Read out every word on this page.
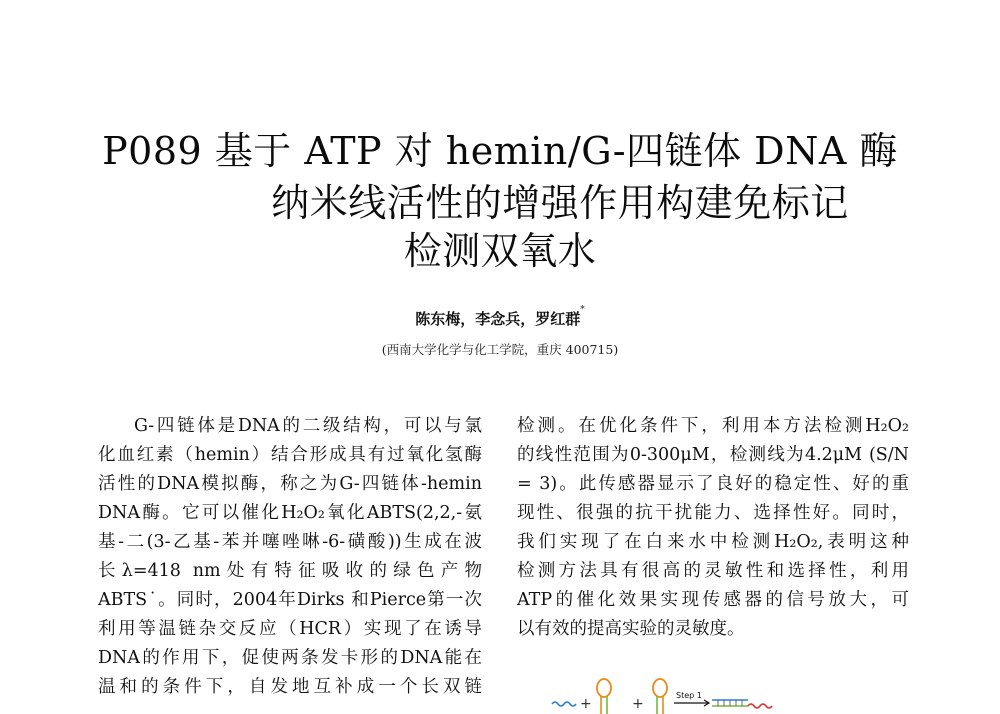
P089 基于 ATP 对 hemin/G-四链体 DNA 酶
纳米线活性的增强作用构建免标记
检测双氧水
陈东梅，李念兵，罗红群*
(西南大学化学与化工学院，重庆 400715)
G-四链体是DNA的二级结构，可以与氯
化血红素（hemin）结合形成具有过氧化氢酶
活性的DNA模拟酶，称之为G-四链体-hemin
DNA酶。它可以催化H₂O₂氧化ABTS(2,2,-氨
基-二(3-乙基-苯并噻唑啉-6-磺酸))生成在波
长λ=418 nm处有特征吸收的绿色产物
ABTS˙。同时，2004年Dirks 和Pierce第一次
利用等温链杂交反应（HCR）实现了在诱导
DNA的作用下，促使两条发卡形的DNA能在
温和的条件下，自发地互补成一个长双链
检测。在优化条件下，利用本方法检测H₂O₂
的线性范围为0-300μM，检测线为4.2μM (S/N
= 3)。此传感器显示了良好的稳定性、好的重
现性、很强的抗干扰能力、选择性好。同时，
我们实现了在白来水中检测H₂O₂,表明这种
检测方法具有很高的灵敏性和选择性，利用
ATP的催化效果实现传感器的信号放大，可
以有效的提高实验的灵敏度。
+	+
Step 1
